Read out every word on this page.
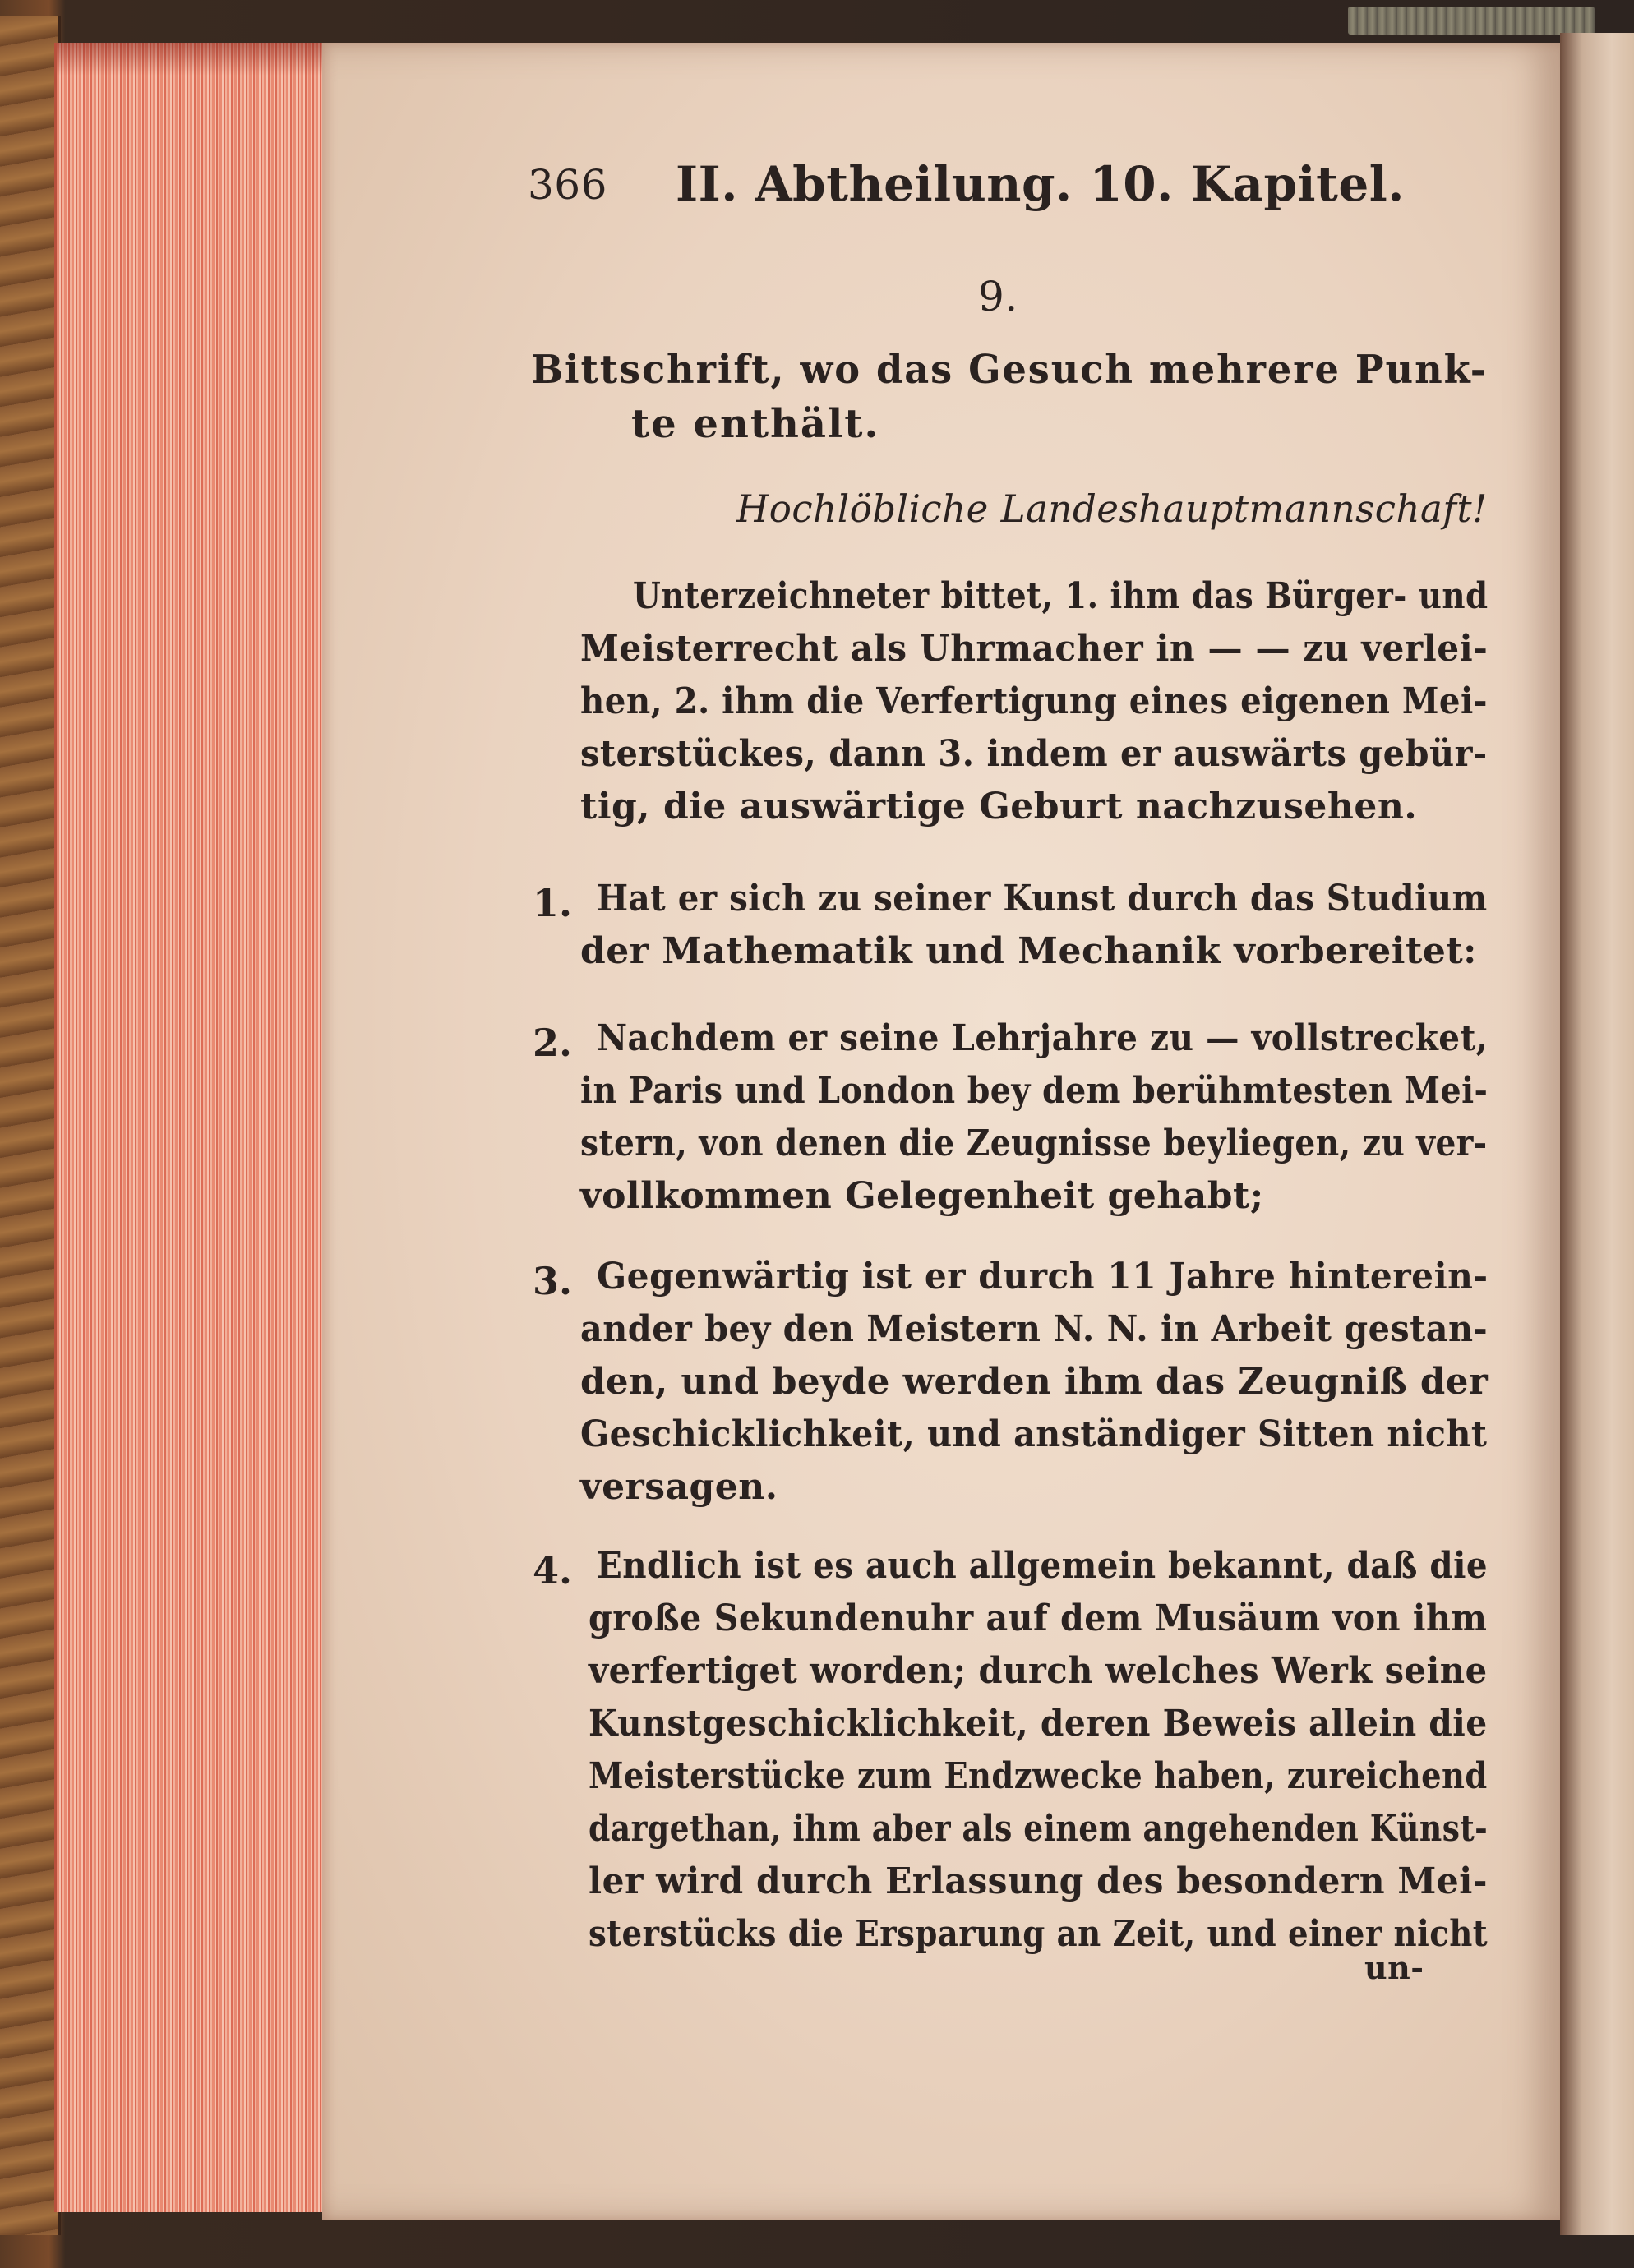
366 II. Abtheilung. 10. Kapitel.
9.
Bittschrift, wo das Gesuch mehrere Punk-
te enthält.
Hochlöbliche Landeshauptmannschaft!
Unterzeichneter bittet, 1. ihm das Bürger- und
Meisterrecht als Uhrmacher in — — zu verlei-
hen, 2. ihm die Verfertigung eines eigenen Mei-
sterstückes, dann 3. indem er auswärts gebür-
tig, die auswärtige Geburt nachzusehen.
1. Hat er sich zu seiner Kunst durch das Studium
der Mathematik und Mechanik vorbereitet:
2. Nachdem er seine Lehrjahre zu — vollstrecket,
in Paris und London bey dem berühmtesten Mei-
stern, von denen die Zeugnisse beyliegen, zu ver-
vollkommen Gelegenheit gehabt;
3. Gegenwärtig ist er durch 11 Jahre hinterein-
ander bey den Meistern N. N. in Arbeit gestan-
den, und beyde werden ihm das Zeugniß der
Geschicklichkeit, und anständiger Sitten nicht
versagen.
4. Endlich ist es auch allgemein bekannt, daß die
große Sekundenuhr auf dem Musäum von ihm
verfertiget worden; durch welches Werk seine
Kunstgeschicklichkeit, deren Beweis allein die
Meisterstücke zum Endzwecke haben, zureichend
dargethan, ihm aber als einem angehenden Künst-
ler wird durch Erlassung des besondern Mei-
sterstücks die Ersparung an Zeit, und einer nicht
un-
